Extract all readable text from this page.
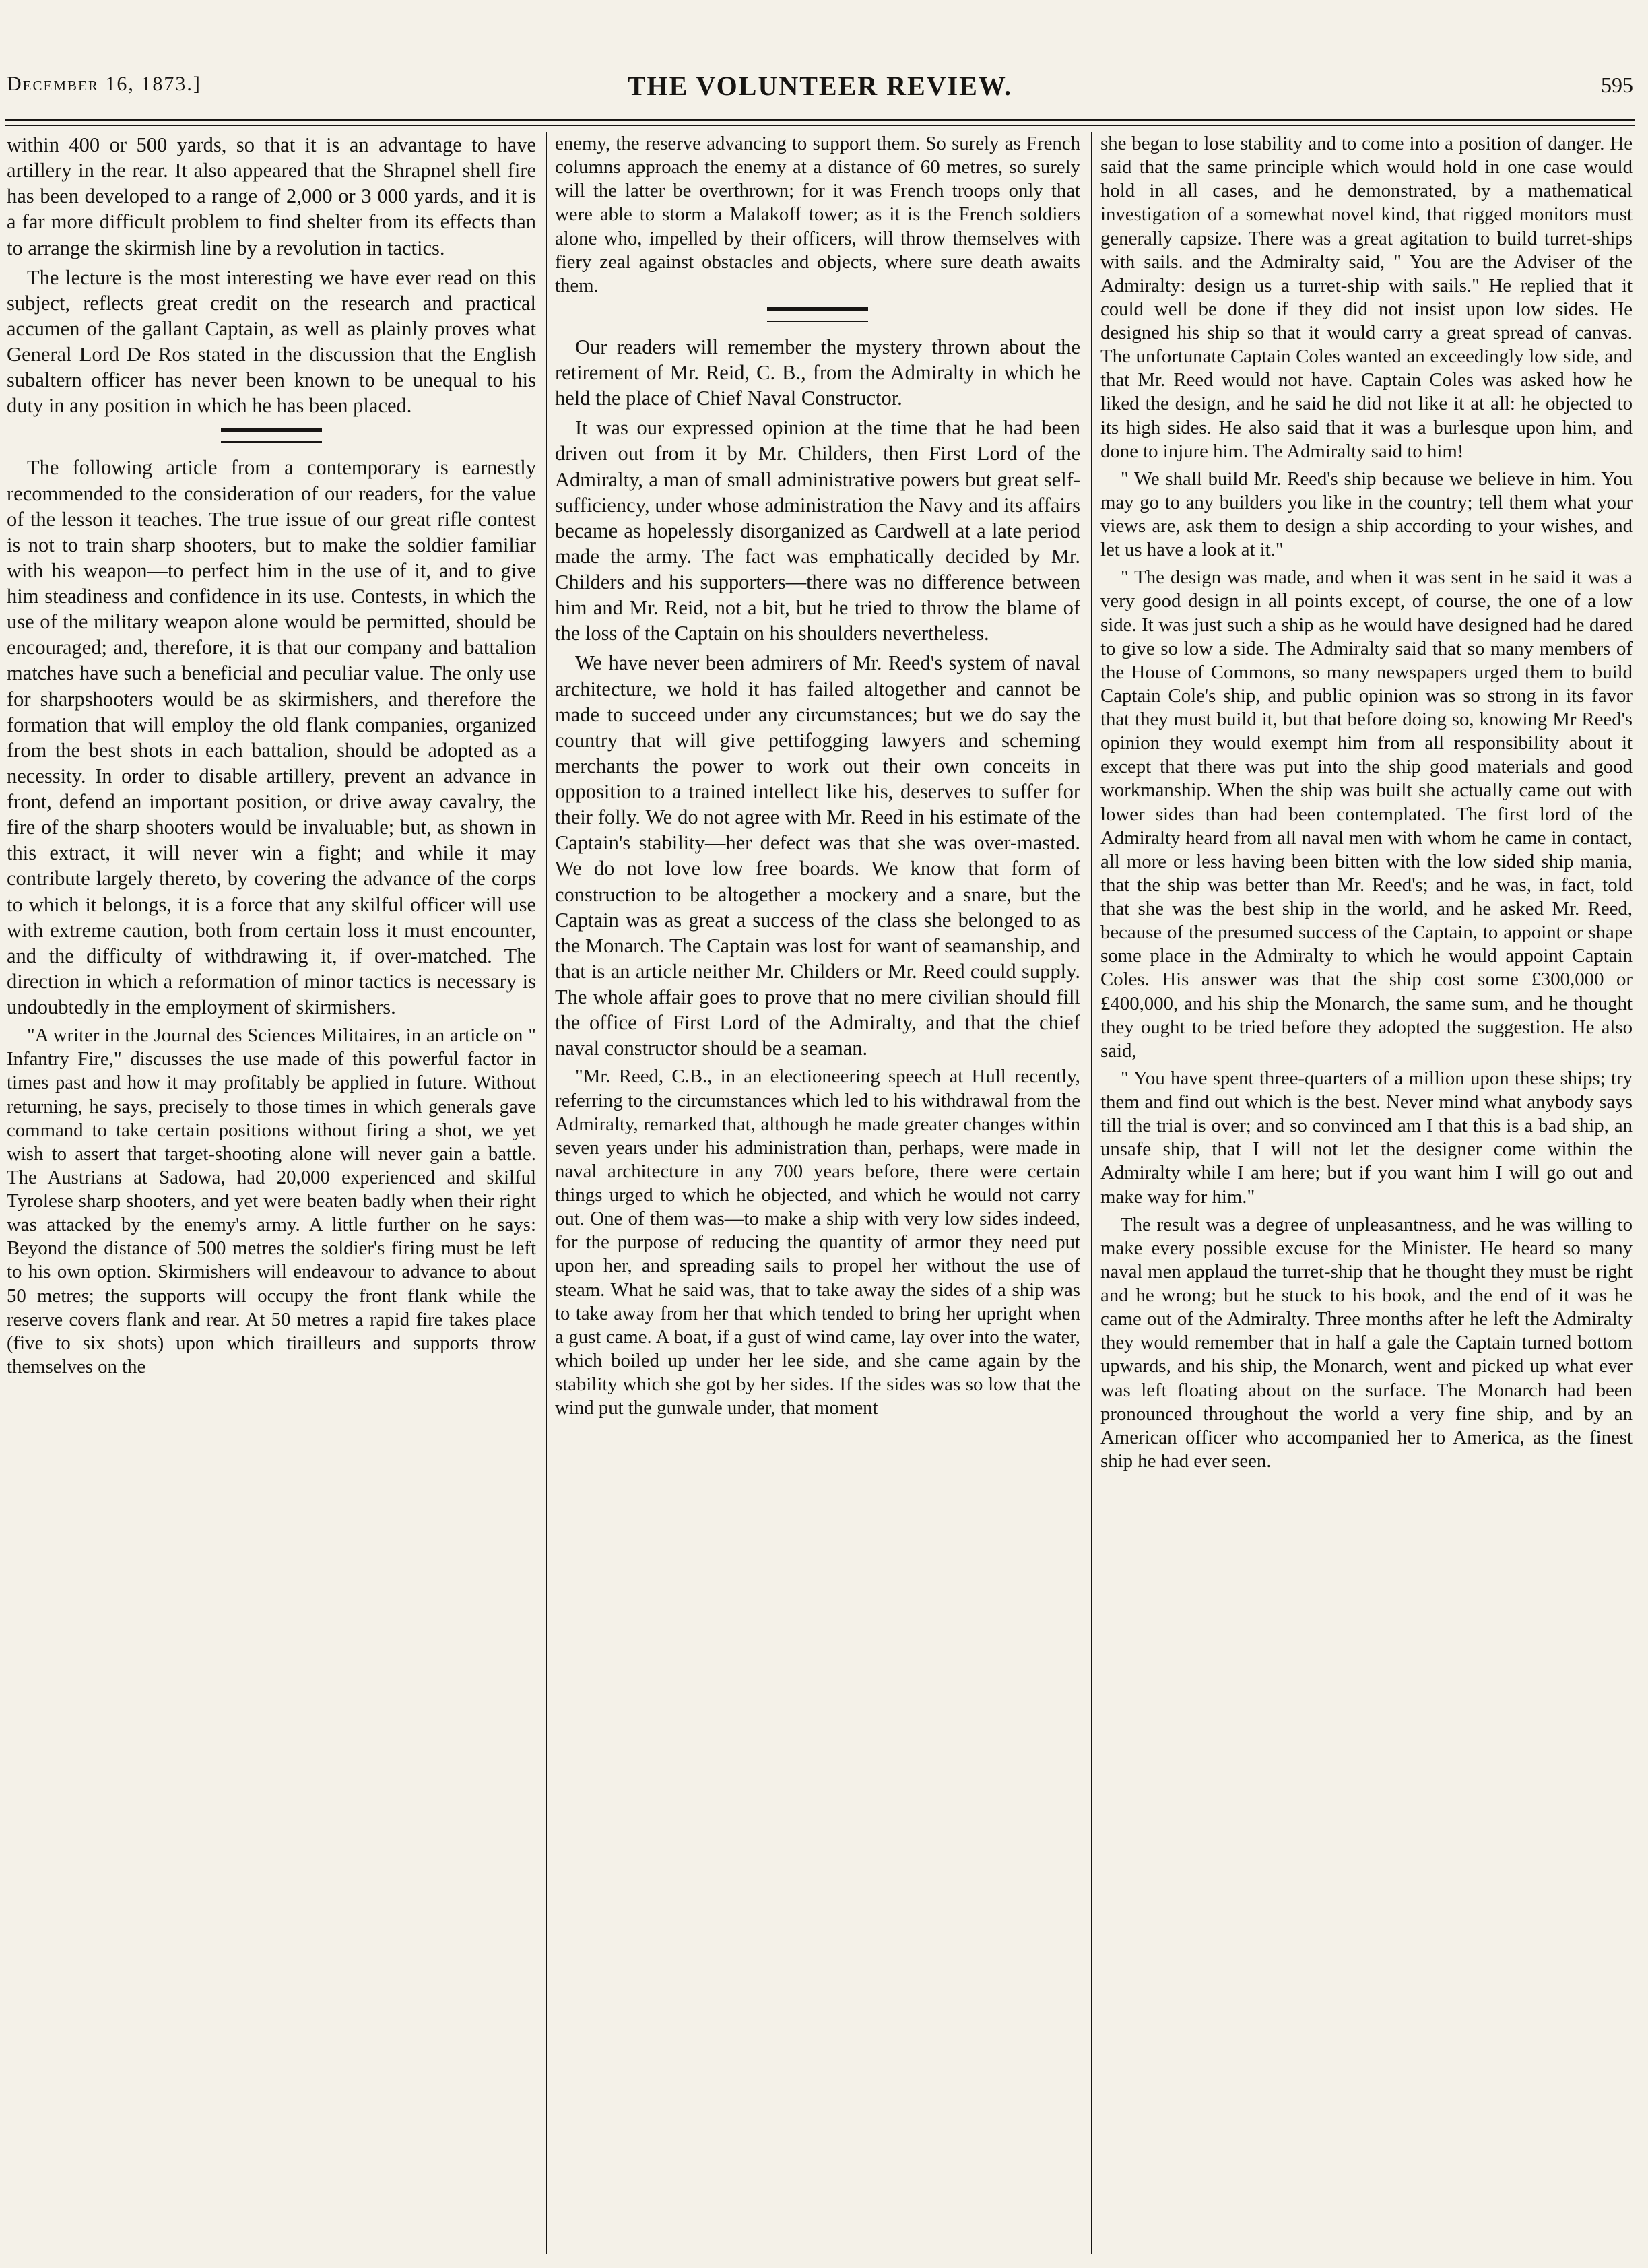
December 16, 1873.]	THE VOLUNTEER REVIEW.	595

within 400 or 500 yards, so that it is an advantage to have artillery in the rear. It also appeared that the Shrapnel shell fire has been developed to a range of 2,000 or 3 000 yards, and it is a far more difficult problem to find shelter from its effects than to arrange the skirmish line by a revolution in tactics.

The lecture is the most interesting we have ever read on this subject, reflects great credit on the research and practical accumen of the gallant Captain, as well as plainly proves what General Lord De Ros stated in the discussion that the English subaltern officer has never been known to be unequal to his duty in any position in which he has been placed.

The following article from a contemporary is earnestly recommended to the consideration of our readers, for the value of the lesson it teaches. The true issue of our great rifle contest is not to train sharp shooters, but to make the soldier familiar with his weapon—to perfect him in the use of it, and to give him steadiness and confidence in its use. Contests, in which the use of the military weapon alone would be permitted, should be encouraged; and, therefore, it is that our company and battalion matches have such a beneficial and peculiar value. The only use for sharpshooters would be as skirmishers, and therefore the formation that will employ the old flank companies, organized from the best shots in each battalion, should be adopted as a necessity. In order to disable artillery, prevent an advance in front, defend an important position, or drive away cavalry, the fire of the sharp shooters would be invaluable; but, as shown in this extract, it will never win a fight; and while it may contribute largely thereto, by covering the advance of the corps to which it belongs, it is a force that any skilful officer will use with extreme caution, both from certain loss it must encounter, and the difficulty of withdrawing it, if over-matched. The direction in which a reformation of minor tactics is necessary is undoubtedly in the employment of skirmishers.

"A writer in the Journal des Sciences Militaires, in an article on " Infantry Fire," discusses the use made of this powerful factor in times past and how it may profitably be applied in future. Without returning, he says, precisely to those times in which generals gave command to take certain positions without firing a shot, we yet wish to assert that target-shooting alone will never gain a battle. The Austrians at Sadowa, had 20,000 experienced and skilful Tyrolese sharp shooters, and yet were beaten badly when their right was attacked by the enemy's army. A little further on he says: Beyond the distance of 500 metres the soldier's firing must be left to his own option. Skirmishers will endeavour to advance to about 50 metres; the supports will occupy the front flank while the reserve covers flank and rear. At 50 metres a rapid fire takes place (five to six shots) upon which tirailleurs and supports throw themselves on the

enemy, the reserve advancing to support them. So surely as French columns approach the enemy at a distance of 60 metres, so surely will the latter be overthrown; for it was French troops only that were able to storm a Malakoff tower; as it is the French soldiers alone who, impelled by their officers, will throw themselves with fiery zeal against obstacles and objects, where sure death awaits them.

Our readers will remember the mystery thrown about the retirement of Mr. Reid, C. B., from the Admiralty in which he held the place of Chief Naval Constructor.

It was our expressed opinion at the time that he had been driven out from it by Mr. Childers, then First Lord of the Admiralty, a man of small administrative powers but great self-sufficiency, under whose administration the Navy and its affairs became as hopelessly disorganized as Cardwell at a late period made the army. The fact was emphatically decided by Mr. Childers and his supporters—there was no difference between him and Mr. Reid, not a bit, but he tried to throw the blame of the loss of the Captain on his shoulders nevertheless.

We have never been admirers of Mr. Reed's system of naval architecture, we hold it has failed altogether and cannot be made to succeed under any circumstances; but we do say the country that will give pettifogging lawyers and scheming merchants the power to work out their own conceits in opposition to a trained intellect like his, deserves to suffer for their folly. We do not agree with Mr. Reed in his estimate of the Captain's stability—her defect was that she was over-masted. We do not love low free boards. We know that form of construction to be altogether a mockery and a snare, but the Captain was as great a success of the class she belonged to as the Monarch. The Captain was lost for want of seamanship, and that is an article neither Mr. Childers or Mr. Reed could supply. The whole affair goes to prove that no mere civilian should fill the office of First Lord of the Admiralty, and that the chief naval constructor should be a seaman.

"Mr. Reed, C.B., in an electioneering speech at Hull recently, referring to the circumstances which led to his withdrawal from the Admiralty, remarked that, although he made greater changes within seven years under his administration than, perhaps, were made in naval architecture in any 700 years before, there were certain things urged to which he objected, and which he would not carry out. One of them was—to make a ship with very low sides indeed, for the purpose of reducing the quantity of armor they need put upon her, and spreading sails to propel her without the use of steam. What he said was, that to take away the sides of a ship was to take away from her that which tended to bring her upright when a gust came. A boat, if a gust of wind came, lay over into the water, which boiled up under her lee side, and she came again by the stability which she got by her sides. If the sides was so low that the wind put the gunwale under, that moment

she began to lose stability and to come into a position of danger. He said that the same principle which would hold in one case would hold in all cases, and he demonstrated, by a mathematical investigation of a somewhat novel kind, that rigged monitors must generally capsize. There was a great agitation to build turret-ships with sails. and the Admiralty said, " You are the Adviser of the Admiralty: design us a turret-ship with sails." He replied that it could well be done if they did not insist upon low sides. He designed his ship so that it would carry a great spread of canvas. The unfortunate Captain Coles wanted an exceedingly low side, and that Mr. Reed would not have. Captain Coles was asked how he liked the design, and he said he did not like it at all: he objected to its high sides. He also said that it was a burlesque upon him, and done to injure him. The Admiralty said to him!

" We shall build Mr. Reed's ship because we believe in him. You may go to any builders you like in the country; tell them what your views are, ask them to design a ship according to your wishes, and let us have a look at it."

" The design was made, and when it was sent in he said it was a very good design in all points except, of course, the one of a low side. It was just such a ship as he would have designed had he dared to give so low a side. The Admiralty said that so many members of the House of Commons, so many newspapers urged them to build Captain Cole's ship, and public opinion was so strong in its favor that they must build it, but that before doing so, knowing Mr Reed's opinion they would exempt him from all responsibility about it except that there was put into the ship good materials and good workmanship. When the ship was built she actually came out with lower sides than had been contemplated. The first lord of the Admiralty heard from all naval men with whom he came in contact, all more or less having been bitten with the low sided ship mania, that the ship was better than Mr. Reed's; and he was, in fact, told that she was the best ship in the world, and he asked Mr. Reed, because of the presumed success of the Captain, to appoint or shape some place in the Admiralty to which he would appoint Captain Coles. His answer was that the ship cost some £300,000 or £400,000, and his ship the Monarch, the same sum, and he thought they ought to be tried before they adopted the suggestion. He also said,

" You have spent three-quarters of a million upon these ships; try them and find out which is the best. Never mind what anybody says till the trial is over; and so convinced am I that this is a bad ship, an unsafe ship, that I will not let the designer come within the Admiralty while I am here; but if you want him I will go out and make way for him."

The result was a degree of unpleasantness, and he was willing to make every possible excuse for the Minister. He heard so many naval men applaud the turret-ship that he thought they must be right and he wrong; but he stuck to his book, and the end of it was he came out of the Admiralty. Three months after he left the Admiralty they would remember that in half a gale the Captain turned bottom upwards, and his ship, the Monarch, went and picked up what ever was left floating about on the surface. The Monarch had been pronounced throughout the world a very fine ship, and by an American officer who accompanied her to America, as the finest ship he had ever seen.
